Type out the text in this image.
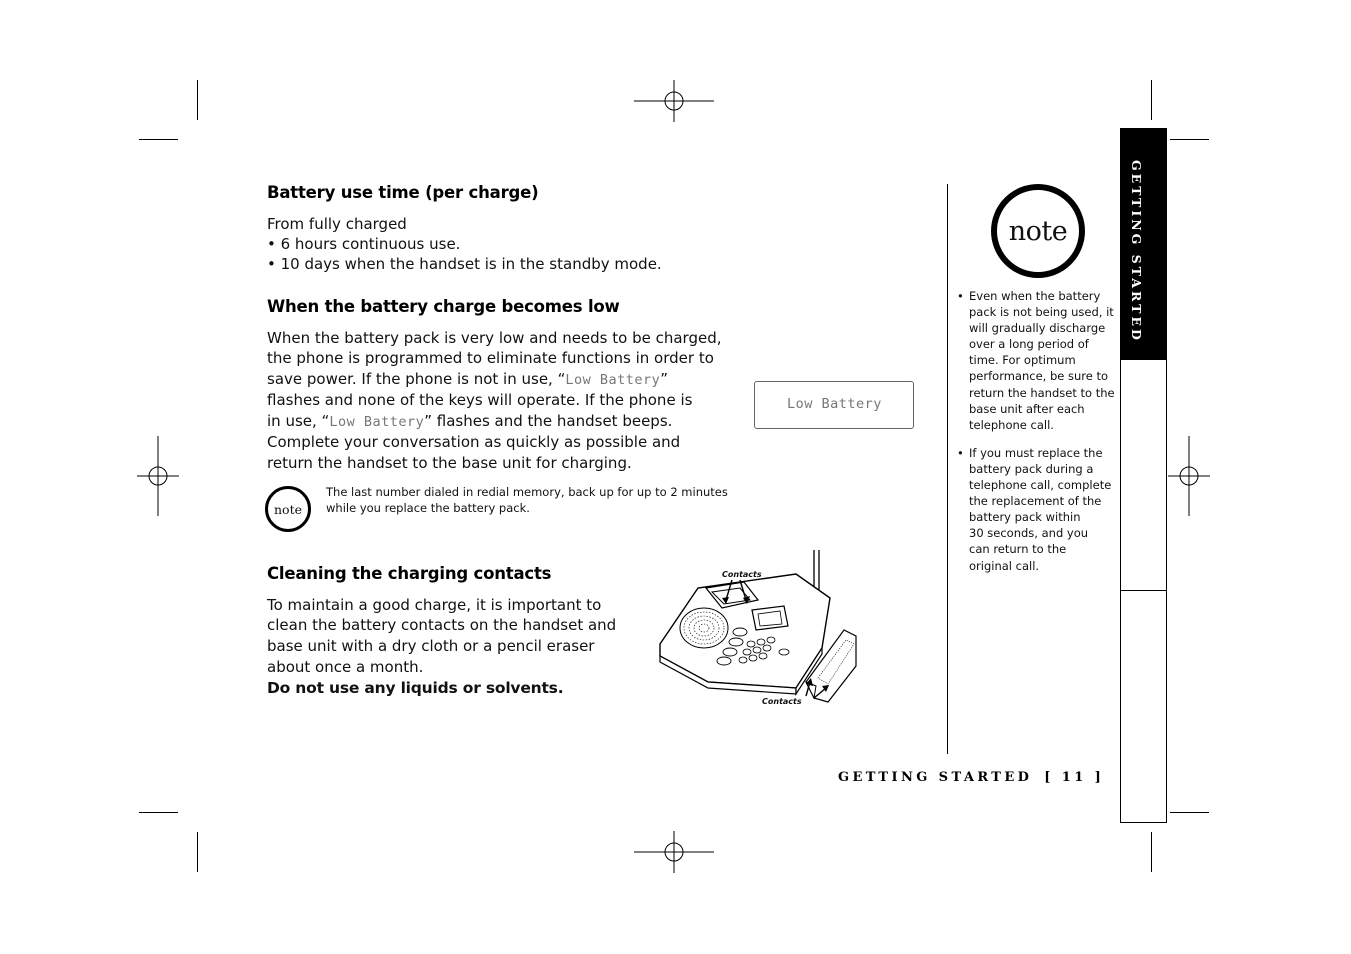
GETTING STARTED
Battery use time (per charge)
From fully charged
• 6 hours continuous use.
• 10 days when the handset is in the standby mode.
When the battery charge becomes low
When the battery pack is very low and needs to be charged,
the phone is programmed to eliminate functions in order to
save power. If the phone is not in use, “Low Battery”
flashes and none of the keys will operate. If the phone is
in use, “Low Battery” flashes and the handset beeps.
Complete your conversation as quickly as possible and
return the handset to the base unit for charging.
Low Battery
note
The last number dialed in redial memory, back up for up to 2 minutes
while you replace the battery pack.
Cleaning the charging contacts
To maintain a good charge, it is important to
clean the battery contacts on the handset and
base unit with a dry cloth or a pencil eraser
about once a month.
Do not use any liquids or solvents.
Contacts
Contacts
note
• Even when the battery
pack is not being used, it
will gradually discharge
over a long period of
time. For optimum
performance, be sure to
return the handset to the
base unit after each
telephone call.
• If you must replace the
battery pack during a
telephone call, complete
the replacement of the
battery pack within
30 seconds, and you
can return to the
original call.
GETTING STARTED [ 11 ]
